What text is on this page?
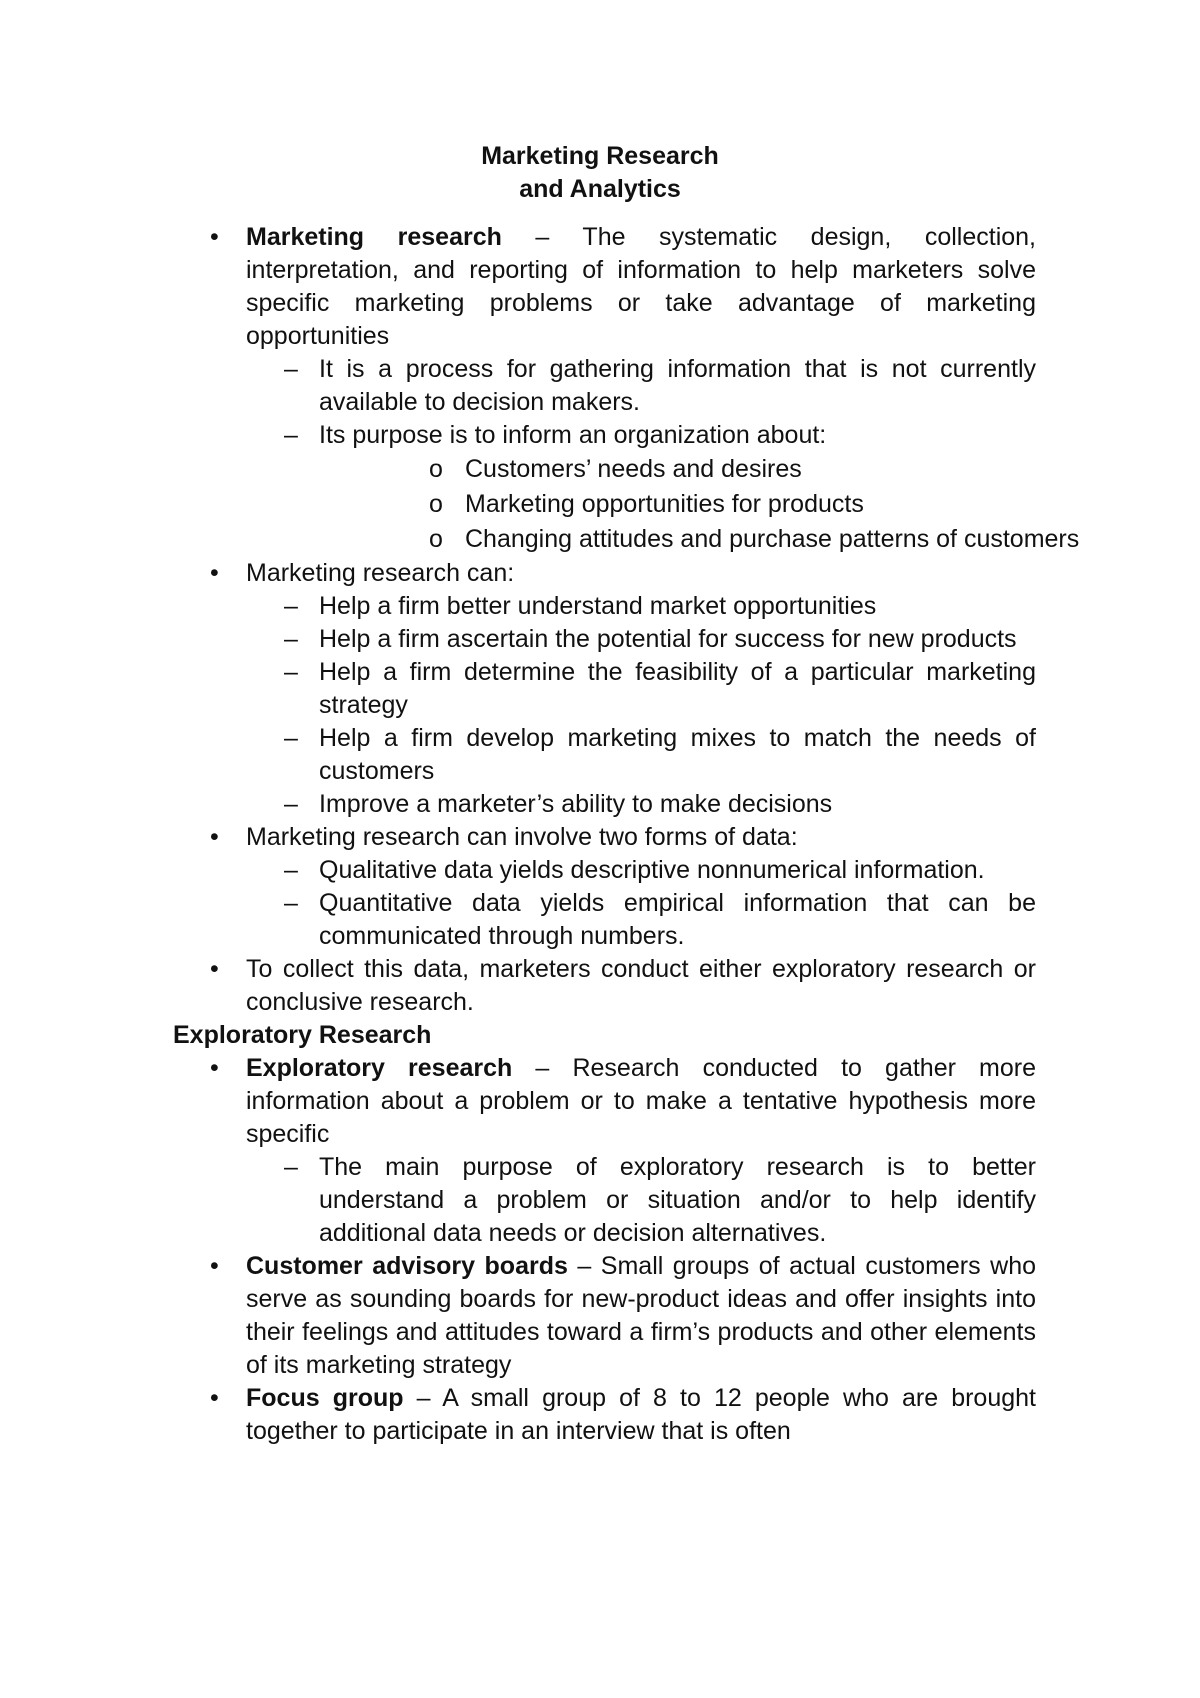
Marketing Research
and Analytics
• Marketing research – The systematic design, collection, interpretation, and reporting of information to help marketers solve specific marketing problems or take advantage of marketing opportunities
– It is a process for gathering information that is not currently available to decision makers.
– Its purpose is to inform an organization about:
o Customers’ needs and desires
o Marketing opportunities for products
o Changing attitudes and purchase patterns of customers
• Marketing research can:
– Help a firm better understand market opportunities
– Help a firm ascertain the potential for success for new products
– Help a firm determine the feasibility of a particular marketing strategy
– Help a firm develop marketing mixes to match the needs of customers
– Improve a marketer’s ability to make decisions
• Marketing research can involve two forms of data:
– Qualitative data yields descriptive nonnumerical information.
– Quantitative data yields empirical information that can be communicated through numbers.
• To collect this data, marketers conduct either exploratory research or conclusive research.
Exploratory Research
• Exploratory research – Research conducted to gather more information about a problem or to make a tentative hypothesis more specific
– The main purpose of exploratory research is to better understand a problem or situation and/or to help identify additional data needs or decision alternatives.
• Customer advisory boards – Small groups of actual customers who serve as sounding boards for new-product ideas and offer insights into their feelings and attitudes toward a firm’s products and other elements of its marketing strategy
• Focus group – A small group of 8 to 12 people who are brought together to participate in an interview that is often
